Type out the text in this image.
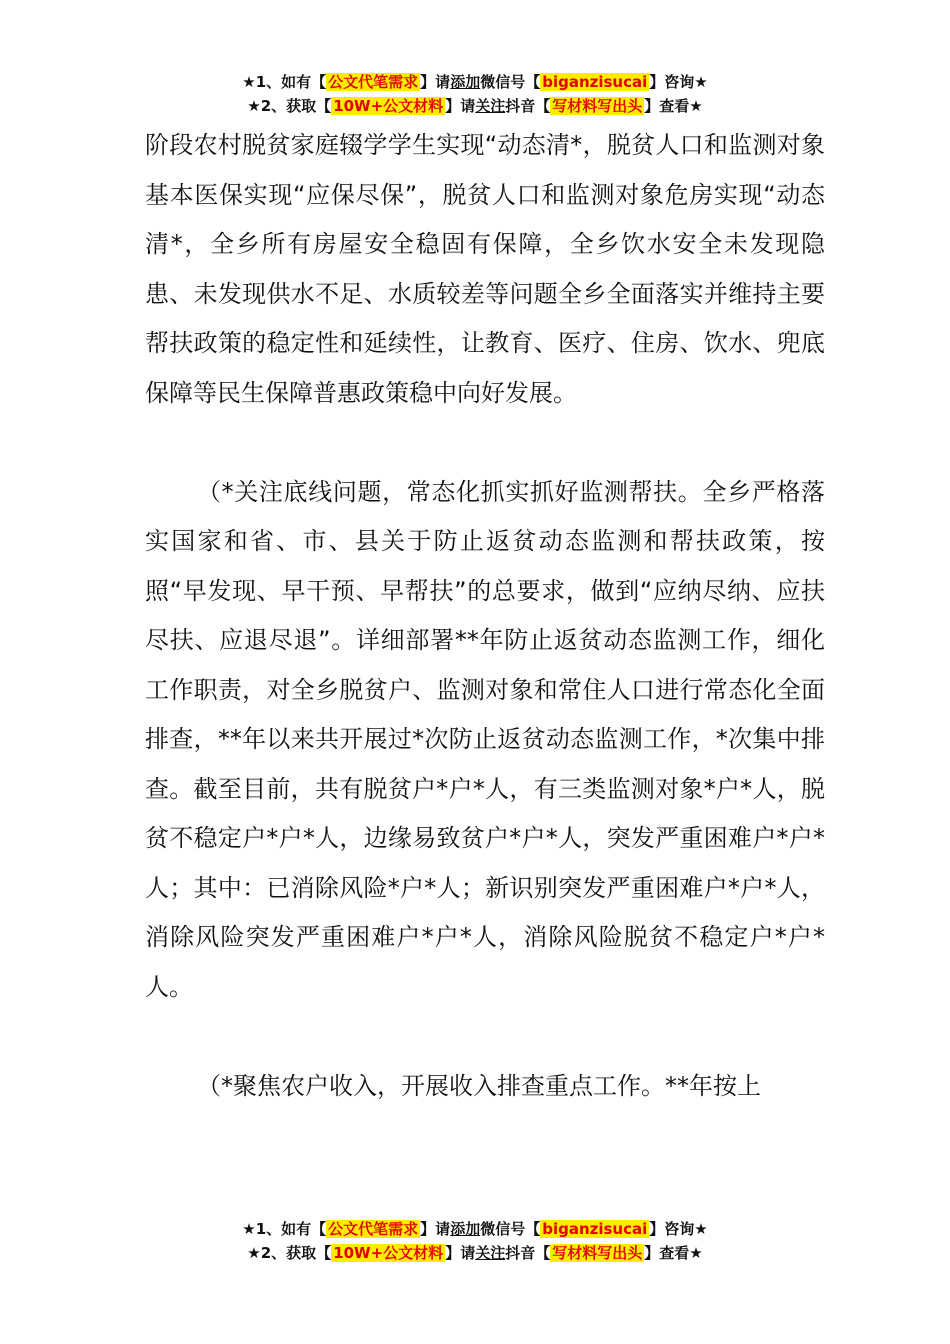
★1、如有【 公文代笔需求 】请添加微信号【 biganzisucai 】咨询★
★2、获取【 10W+公文材料 】请关注抖音【 写材料写出头 】查看★

阶段农村脱贫家庭辍学学生实现“动态清*，脱贫人口和监测对象基本医保实现“应保尽保”，脱贫人口和监测对象危房实现“动态清*，全乡所有房屋安全稳固有保障，全乡饮水安全未发现隐患、未发现供水不足、水质较差等问题全乡全面落实并维持主要帮扶政策的稳定性和延续性，让教育、医疗、住房、饮水、兜底保障等民生保障普惠政策稳中向好发展。

（*关注底线问题，常态化抓实抓好监测帮扶。全乡严格落实国家和省、市、县关于防止返贫动态监测和帮扶政策，按照“早发现、早干预、早帮扶”的总要求，做到“应纳尽纳、应扶尽扶、应退尽退”。详细部署**年防止返贫动态监测工作，细化工作职责，对全乡脱贫户、监测对象和常住人口进行常态化全面排查，**年以来共开展过*次防止返贫动态监测工作，*次集中排查。截至目前，共有脱贫户*户*人，有三类监测对象*户*人，脱贫不稳定户*户*人，边缘易致贫户*户*人，突发严重困难户*户*人；其中：已消除风险*户*人；新识别突发严重困难户*户*人，消除风险突发严重困难户*户*人，消除风险脱贫不稳定户*户*人。

（*聚焦农户收入，开展收入排查重点工作。**年按上

★1、如有【 公文代笔需求 】请添加微信号【 biganzisucai 】咨询★
★2、获取【 10W+公文材料 】请关注抖音【 写材料写出头 】查看★
